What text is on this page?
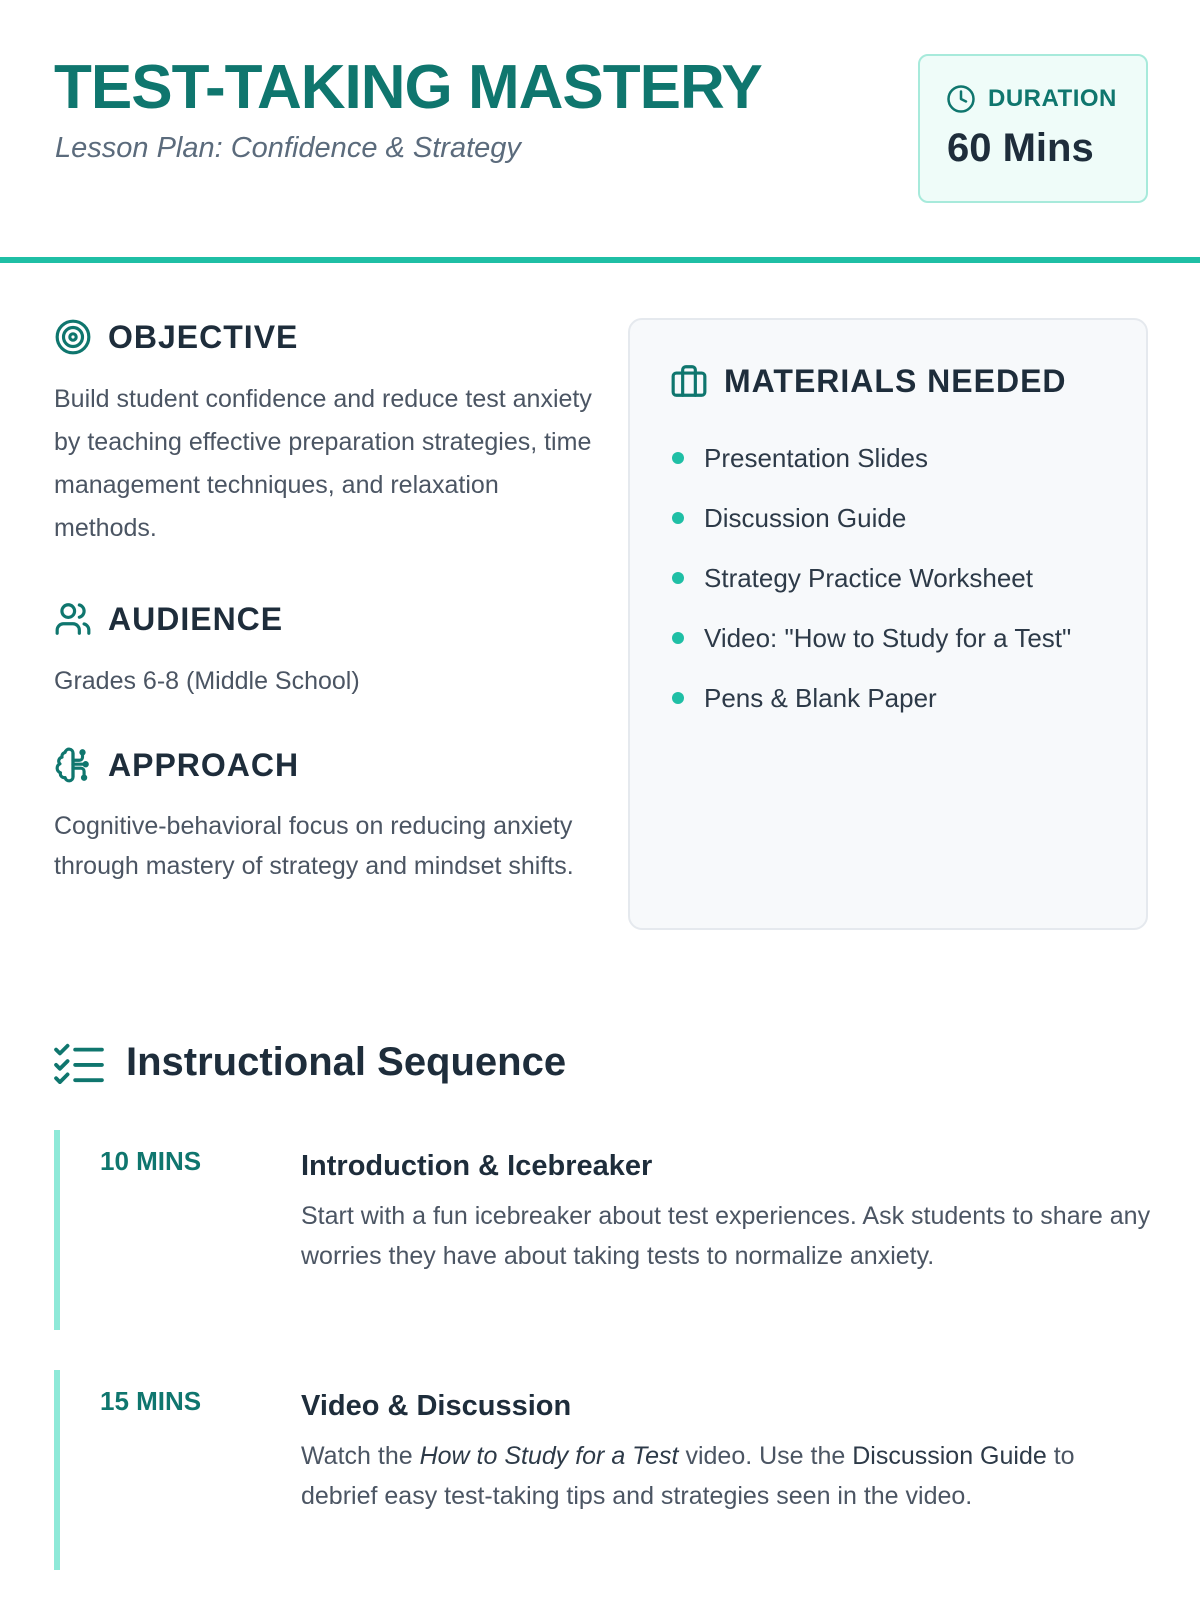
TEST-TAKING MASTERY
Lesson Plan: Confidence & Strategy
DURATION
60 Mins
OBJECTIVE

Build student confidence and reduce test anxiety by teaching effective preparation strategies, time management techniques, and relaxation methods.

AUDIENCE

Grades 6-8 (Middle School)

APPROACH

Cognitive-behavioral focus on reducing anxiety through mastery of strategy and mindset shifts.

MATERIALS NEEDED
Presentation Slides
Discussion Guide
Strategy Practice Worksheet
Video: "How to Study for a Test"
Pens & Blank Paper
Instructional Sequence
10 MINS	Introduction & Icebreaker

Start with a fun icebreaker about test experiences. Ask students to share any worries they have about taking tests to normalize anxiety.

15 MINS	Video & Discussion

Watch the How to Study for a Test video. Use the Discussion Guide to debrief easy test-taking tips and strategies seen in the video.
